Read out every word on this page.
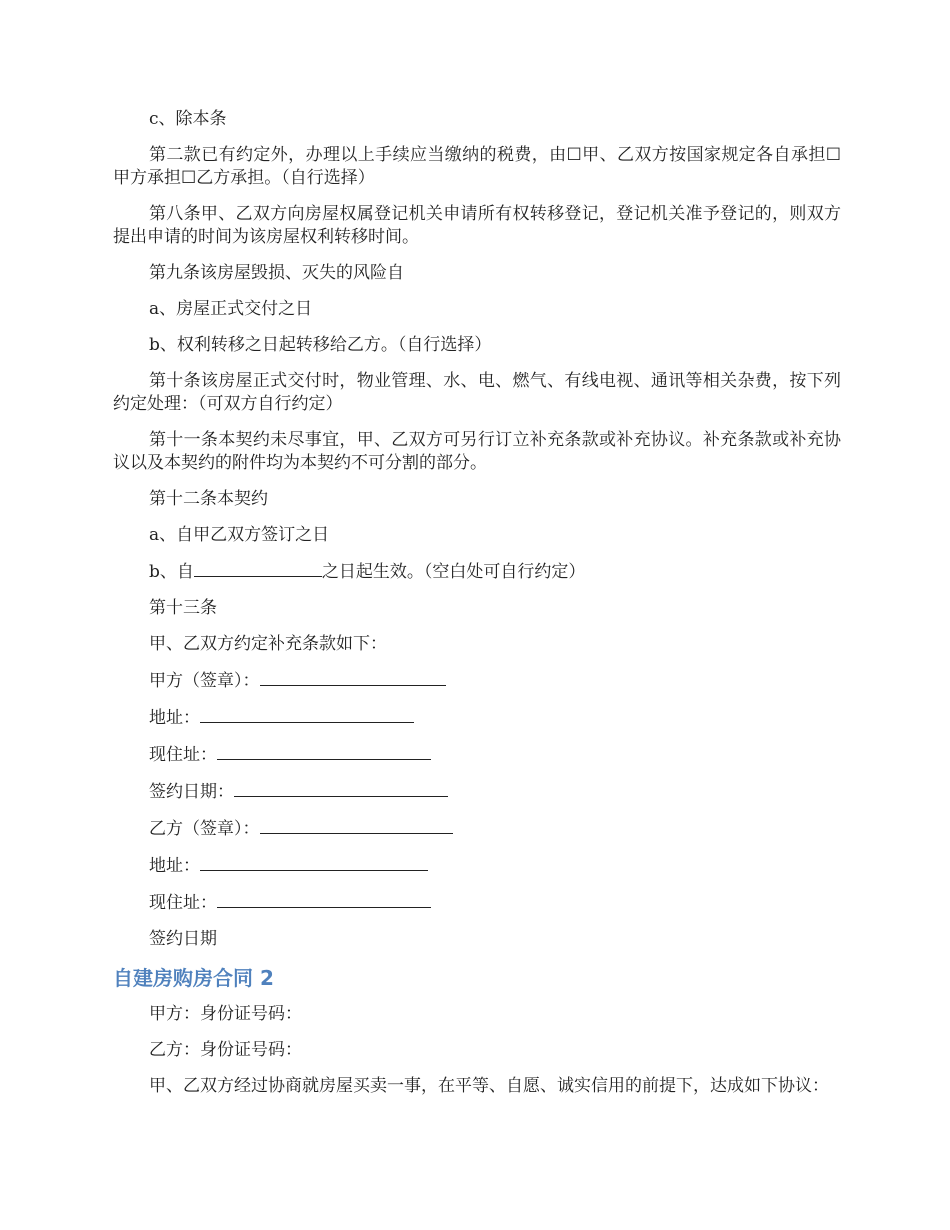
c、除本条

第二款已有约定外，办理以上手续应当缴纳的税费，由☐甲、乙双方按国家规定各自承担☐甲方承担☐乙方承担。（自行选择）

第八条甲、乙双方向房屋权属登记机关申请所有权转移登记，登记机关准予登记的，则双方提出申请的时间为该房屋权利转移时间。

第九条该房屋毁损、灭失的风险自

a、房屋正式交付之日

b、权利转移之日起转移给乙方。（自行选择）

第十条该房屋正式交付时，物业管理、水、电、燃气、有线电视、通讯等相关杂费，按下列约定处理：（可双方自行约定）

第十一条本契约未尽事宜，甲、乙双方可另行订立补充条款或补充协议。补充条款或补充协议以及本契约的附件均为本契约不可分割的部分。

第十二条本契约

a、自甲乙双方签订之日

b、自	之日起生效。（空白处可自行约定）

第十三条

甲、乙双方约定补充条款如下：

甲方（签章）：

地址：

现住址：

签约日期：

乙方（签章）：

地址：

现住址：

签约日期

自建房购房合同 2

甲方：身份证号码：

乙方：身份证号码：

甲、乙双方经过协商就房屋买卖一事，在平等、自愿、诚实信用的前提下，达成如下协议：
